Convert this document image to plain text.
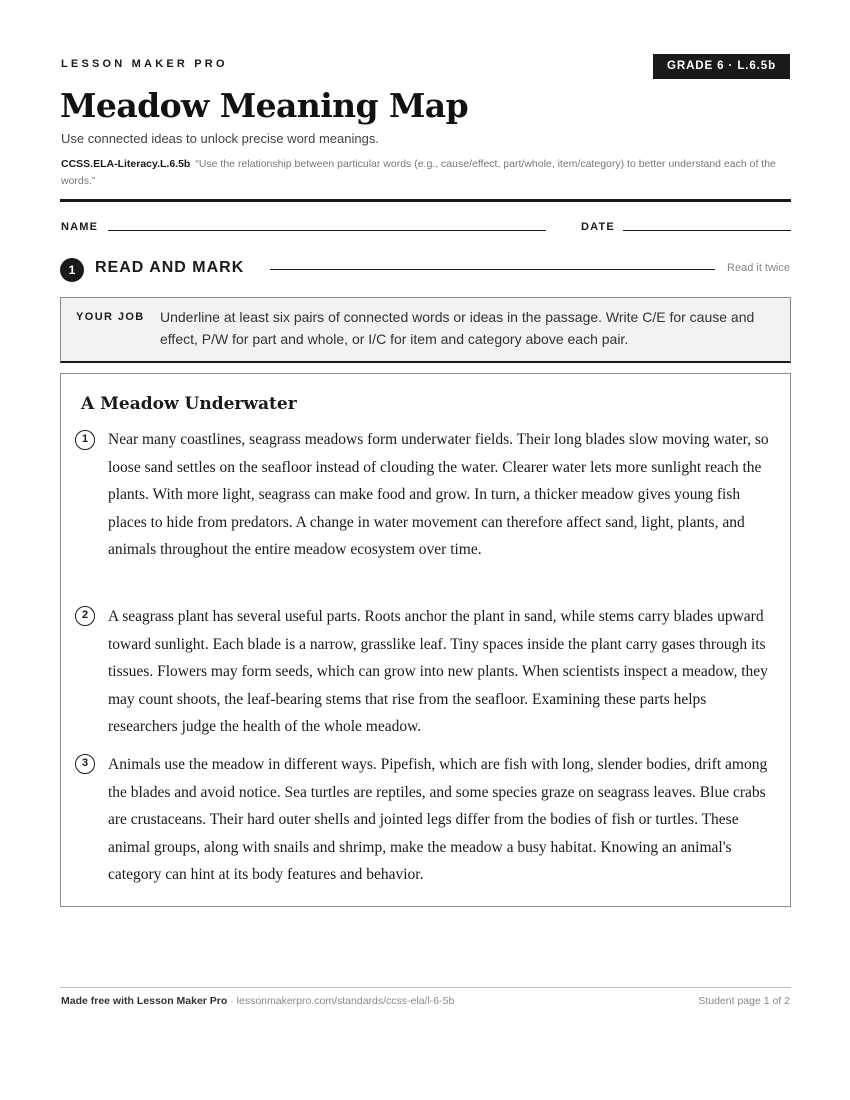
LESSON MAKER PRO	GRADE 6 · L.6.5b
Meadow Meaning Map
Use connected ideas to unlock precise word meanings.
CCSS.ELA-Literacy.L.6.5b “Use the relationship between particular words (e.g., cause/effect, part/whole, item/category) to better understand each of the words.”
NAME	DATE
1	READ AND MARK	Read it twice
YOUR JOB Underline at least six pairs of connected words or ideas in the passage. Write C/E for cause and effect, P/W for part and whole, or I/C for item and category above each pair.
A Meadow Underwater
1	Near many coastlines, seagrass meadows form underwater fields. Their long blades slow moving water, so loose sand settles on the seafloor instead of clouding the water. Clearer water lets more sunlight reach the plants. With more light, seagrass can make food and grow. In turn, a thicker meadow gives young fish places to hide from predators. A change in water movement can therefore affect sand, light, plants, and animals throughout the entire meadow ecosystem over time.

2	A seagrass plant has several useful parts. Roots anchor the plant in sand, while stems carry blades upward toward sunlight. Each blade is a narrow, grasslike leaf. Tiny spaces inside the plant carry gases through its tissues. Flowers may form seeds, which can grow into new plants. When scientists inspect a meadow, they may count shoots, the leaf-bearing stems that rise from the seafloor. Examining these parts helps researchers judge the health of the whole meadow.

3	Animals use the meadow in different ways. Pipefish, which are fish with long, slender bodies, drift among the blades and avoid notice. Sea turtles are reptiles, and some species graze on seagrass leaves. Blue crabs are crustaceans. Their hard outer shells and jointed legs differ from the bodies of fish or turtles. These animal groups, along with snails and shrimp, make the meadow a busy habitat. Knowing an animal's category can hint at its body features and behavior.

Made free with Lesson Maker Pro · lessonmakerpro.com/standards/ccss-ela/l-6-5b	Student page 1 of 2
